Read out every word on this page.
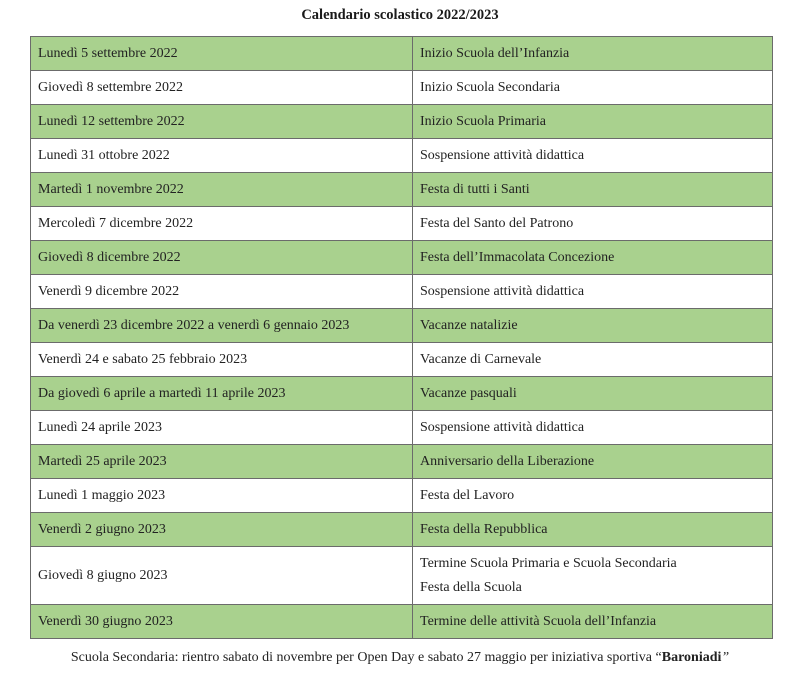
Calendario scolastico 2022/2023
Lunedì 5 settembre 2022	Inizio Scuola dell’Infanzia
Giovedì 8 settembre 2022	Inizio Scuola Secondaria
Lunedì 12 settembre 2022	Inizio Scuola Primaria
Lunedì 31 ottobre 2022	Sospensione attività didattica
Martedì 1 novembre 2022	Festa di tutti i Santi
Mercoledì 7 dicembre 2022	Festa del Santo del Patrono
Giovedì 8 dicembre 2022	Festa dell’Immacolata Concezione
Venerdì 9 dicembre 2022	Sospensione attività didattica
Da venerdì 23 dicembre 2022 a venerdì 6 gennaio 2023	Vacanze natalizie
Venerdì 24 e sabato 25 febbraio 2023	Vacanze di Carnevale
Da giovedì 6 aprile a martedì 11 aprile 2023	Vacanze pasquali
Lunedì 24 aprile 2023	Sospensione attività didattica
Martedì 25 aprile 2023	Anniversario della Liberazione
Lunedì 1 maggio 2023	Festa del Lavoro
Venerdì 2 giugno 2023	Festa della Repubblica
Giovedì 8 giugno 2023	Termine Scuola Primaria e Scuola Secondaria
Festa della Scuola

Venerdì 30 giugno 2023	Termine delle attività Scuola dell’Infanzia
Scuola Secondaria: rientro sabato di novembre per Open Day e sabato 27 maggio per iniziativa sportiva “Baroniadi”
